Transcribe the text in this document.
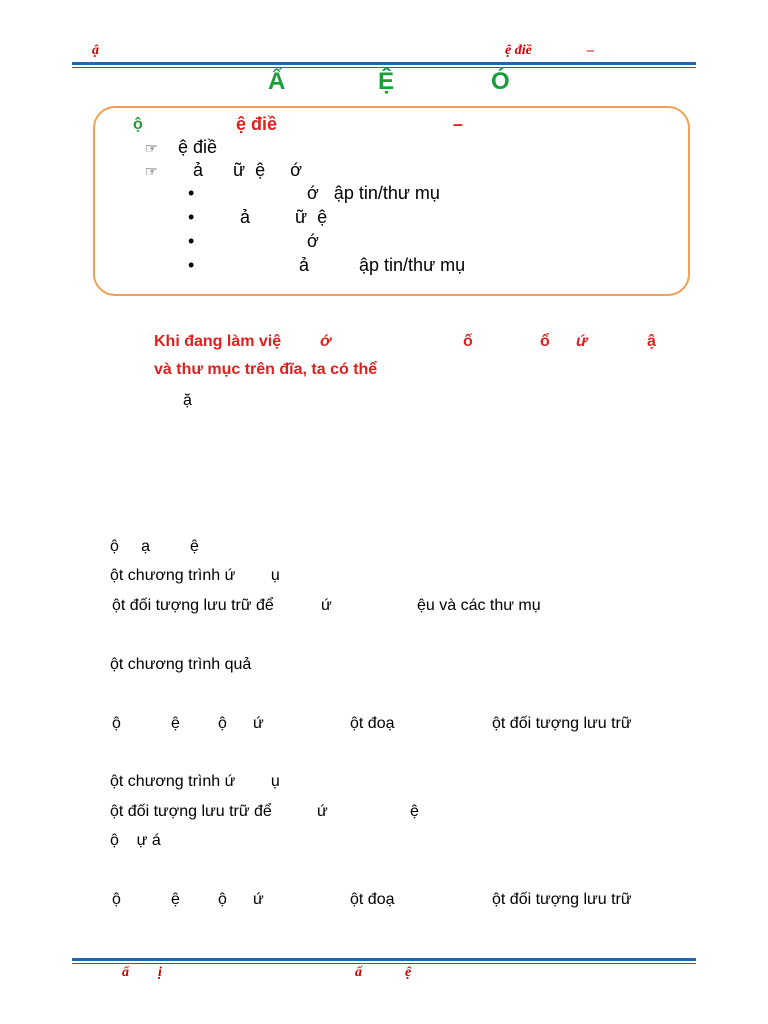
ậ	ệ điề	–
Ấ	Ệ	Ó
ộ	ệ điề	–
☞ ệ điề
☞ ả      ữ  ệ     ớ
•	ớ   ập tin/thư mụ
•	ả         ữ  ệ
•	ớ
•	ả          ập tin/thư mụ
Khi đang làm việ ớ	ố	ổ ứ	ậ
và thư mục trên đĩa, ta có thể
ặ
ộ     ạ         ệ
ột chương trình ứ        ụ
ột đối tượng lưu trữ để	ứ	ệu và các thư mụ
ột chương trình quả
ộ	ệ ộ ứ	ột đoạ	ột đối tượng lưu trữ
ột chương trình ứ        ụ
ột đối tượng lưu trữ để	ứ	ệ
ộ    ự á
ộ	ệ ộ ứ	ột đoạ	ột đối tượng lưu trữ
ẩ ị	ấ	ệ
